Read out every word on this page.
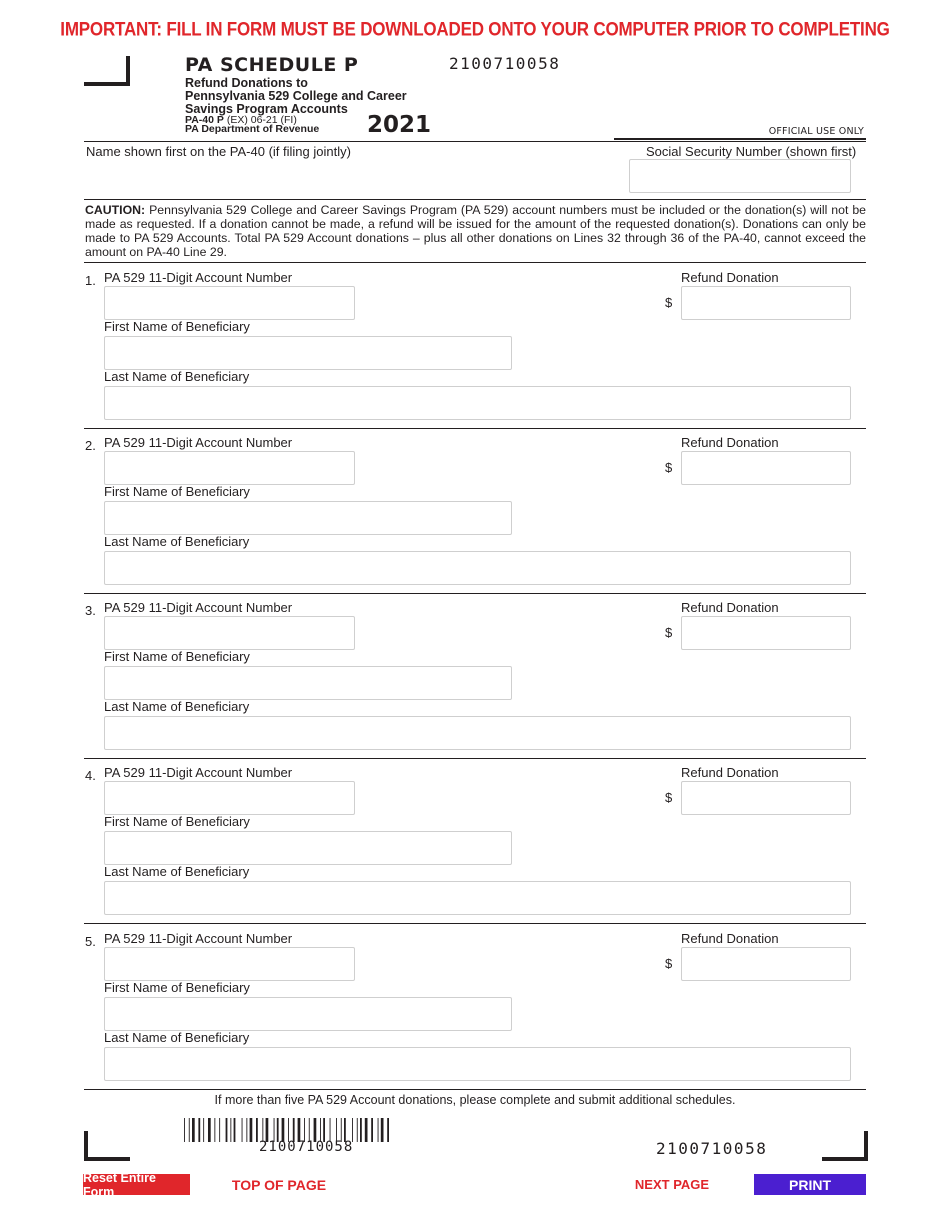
IMPORTANT: FILL IN FORM MUST BE DOWNLOADED ONTO YOUR COMPUTER PRIOR TO COMPLETING
PA SCHEDULE P
Refund Donations to
Pennsylvania 529 College and Career
Savings Program Accounts
PA-40 P (EX) 06-21 (FI)
PA Department of Revenue 2021
2100710058
OFFICIAL USE ONLY
Name shown first on the PA-40 (if filing jointly)	Social Security Number (shown first)
CAUTION: Pennsylvania 529 College and Career Savings Program (PA 529) account numbers must be included or the donation(s) will not be made as requested. If a donation cannot be made, a refund will be issued for the amount of the requested donation(s). Donations can only be made to PA 529 Accounts. Total PA 529 Account donations – plus all other donations on Lines 32 through 36 of the PA-40, cannot exceed the amount on PA-40 Line 29.
1. PA 529 11-Digit Account Number	Refund Donation
$
First Name of Beneficiary
Last Name of Beneficiary
2. PA 529 11-Digit Account Number	Refund Donation
$
First Name of Beneficiary
Last Name of Beneficiary
3. PA 529 11-Digit Account Number	Refund Donation
$
First Name of Beneficiary
Last Name of Beneficiary
4. PA 529 11-Digit Account Number	Refund Donation
$
First Name of Beneficiary
Last Name of Beneficiary
5. PA 529 11-Digit Account Number	Refund Donation
$
First Name of Beneficiary
Last Name of Beneficiary
If more than five PA 529 Account donations, please complete and submit additional schedules.
2100710058	2100710058
Reset Entire Form	TOP OF PAGE	NEXT PAGE	PRINT
